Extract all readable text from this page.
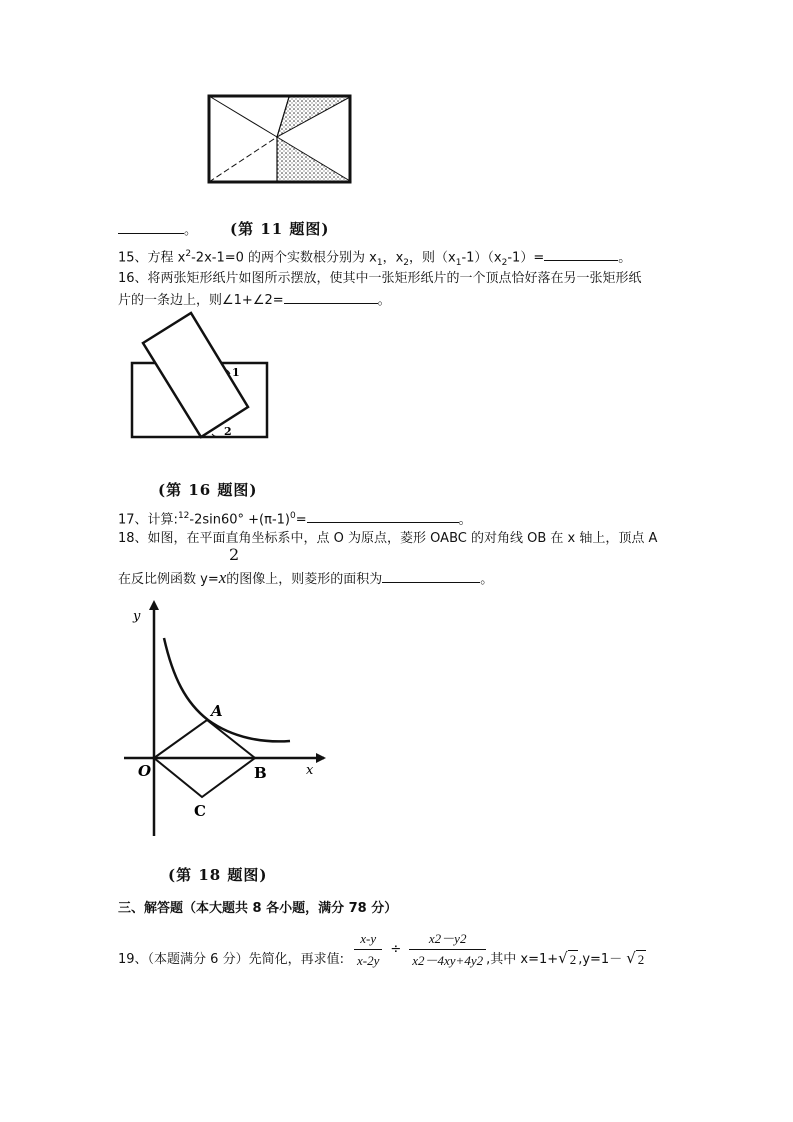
(第 11 题图)
。
15、方程 $x^2-2x-1=0$ 的两个实数根分别为 $x_1$，$x_2$，则$(x_1-1)(x_2-1)=$	。
16、将两张矩形纸片如图所示摆放，使其中一张矩形纸片的一个顶点恰好落在另一张矩形纸
片的一条边上，则∠1+∠2=	。
1
2
(第 16 题图)
17、计算:$^{12}$-2sin60° $+(\pi-1)^0=$	。
18、如图，在平面直角坐标系中，点 O 为原点，菱形 OABC 的对角线 OB 在 x 轴上，顶点 A
2
在反比例函数 y=x的图像上，则菱形的面积为	。
y
x
A
O	B
C
(第 18 题图)
三、解答题（本大题共 8 各小题，满分 78 分）
19、（本题满分 6 分）先简化，再求值: $\frac{x-y}{x-2y} \div \frac{x2-y2}{x2-4xy+4y2}$ , 其中 x=1+ √ 2 ,y=1－ √ 2
